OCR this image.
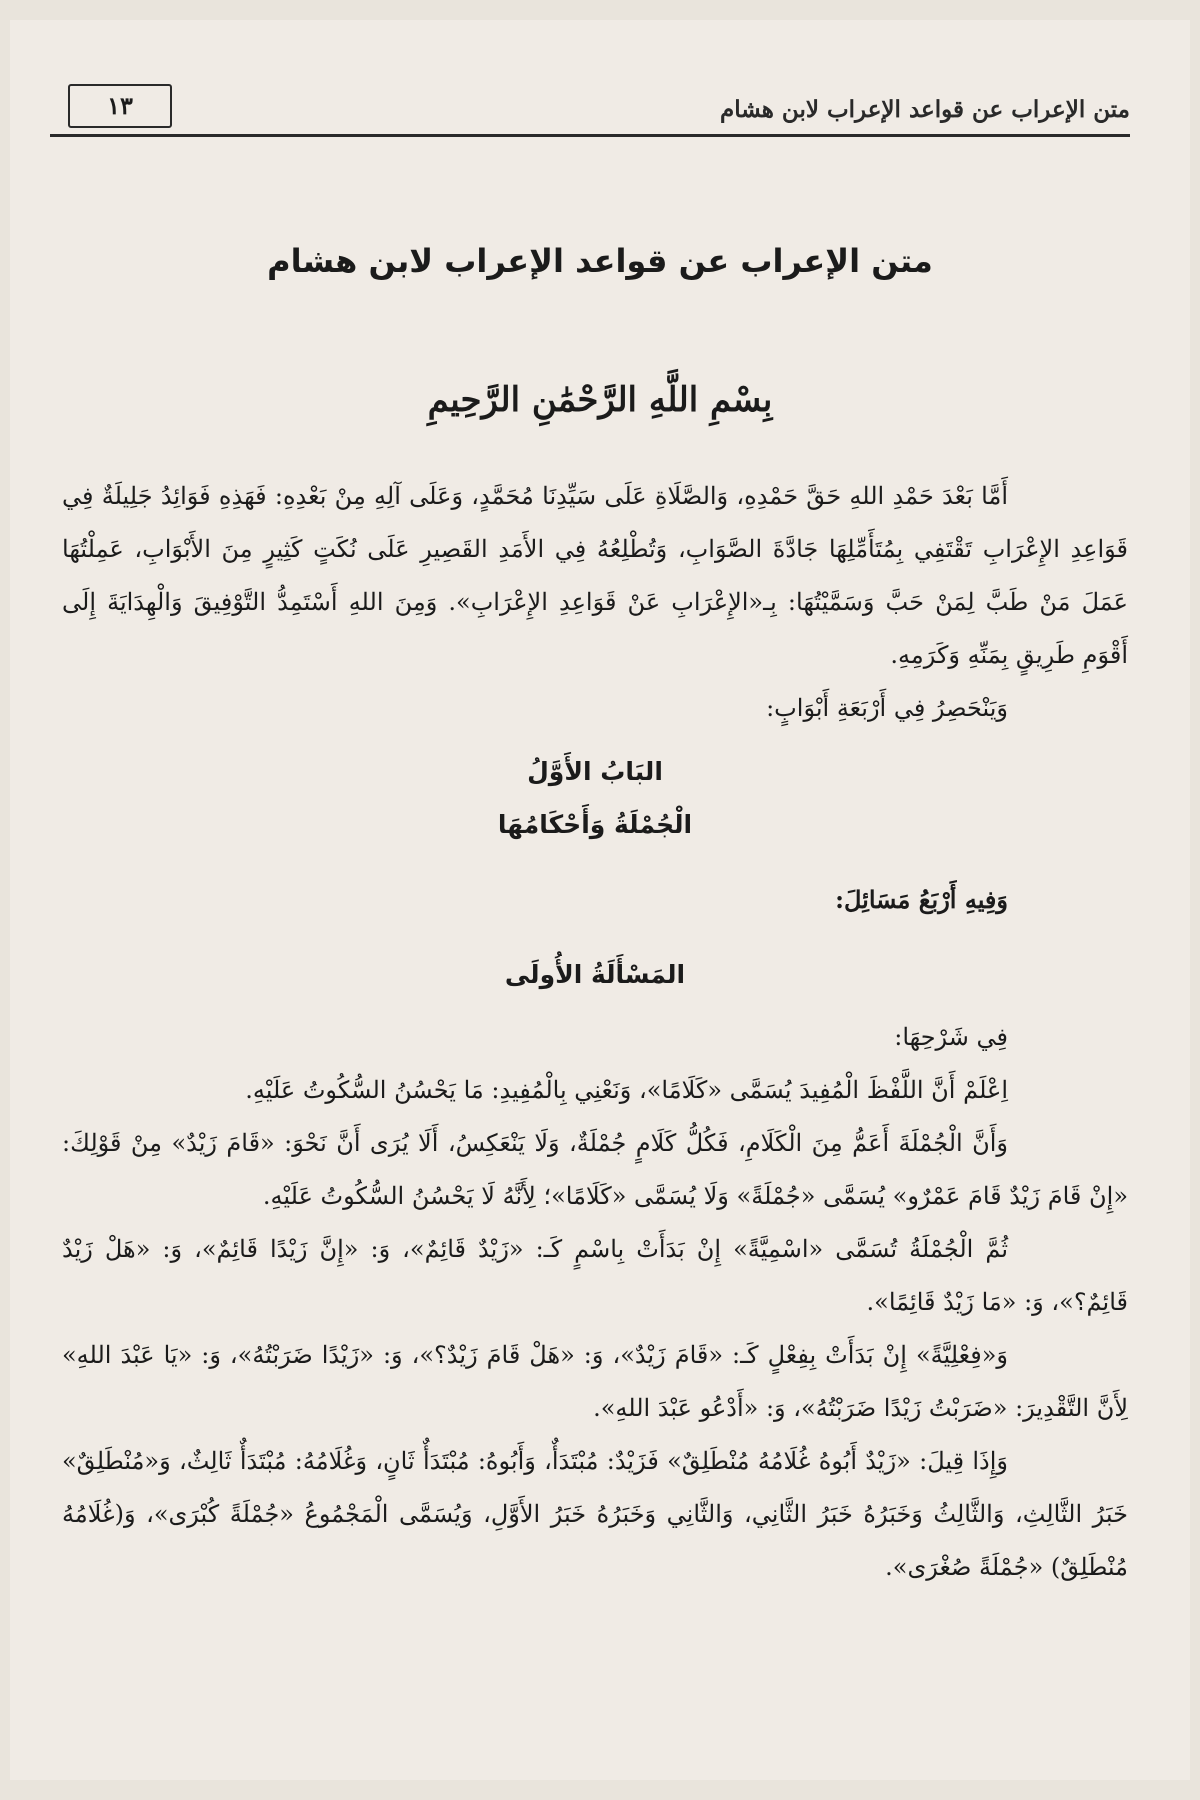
متن الإعراب عن قواعد الإعراب لابن هشام
١٣
متن الإعراب عن قواعد الإعراب لابن هشام
بِسْمِ اللَّهِ الرَّحْمَٰنِ الرَّحِيمِ

أَمَّا بَعْدَ حَمْدِ اللهِ حَقَّ حَمْدِهِ، وَالصَّلَاةِ عَلَى سَيِّدِنَا مُحَمَّدٍ، وَعَلَى آلِهِ مِنْ بَعْدِهِ: فَهَذِهِ فَوَائِدُ جَلِيلَةٌ فِي قَوَاعِدِ الإِعْرَابِ تَقْتَفِي بِمُتَأَمِّلِهَا جَادَّةَ الصَّوَابِ، وَتُطْلِعُهُ فِي الأَمَدِ القَصِيرِ عَلَى نُكَتٍ كَثِيرٍ مِنَ الأَبْوَابِ، عَمِلْتُهَا عَمَلَ مَنْ طَبَّ لِمَنْ حَبَّ وَسَمَّيْتُهَا: بِـ«الإِعْرَابِ عَنْ قَوَاعِدِ الإِعْرَابِ». وَمِنَ اللهِ أَسْتَمِدُّ التَّوْفِيقَ وَالْهِدَايَةَ إِلَى أَقْوَمِ طَرِيقٍ بِمَنِّهِ وَكَرَمِهِ.

وَيَنْحَصِرُ فِي أَرْبَعَةِ أَبْوَابٍ:

البَابُ الأَوَّلُ

الْجُمْلَةُ وَأَحْكَامُهَا

وَفِيهِ أَرْبَعُ مَسَائِلَ:

المَسْأَلَةُ الأُولَى

فِي شَرْحِهَا:

اِعْلَمْ أَنَّ اللَّفْظَ الْمُفِيدَ يُسَمَّى «كَلَامًا»، وَنَعْنِي بِالْمُفِيدِ: مَا يَحْسُنُ السُّكُوتُ عَلَيْهِ.

وَأَنَّ الْجُمْلَةَ أَعَمُّ مِنَ الْكَلَامِ، فَكُلُّ كَلَامٍ جُمْلَةٌ، وَلَا يَنْعَكِسُ، أَلَا يُرَى أَنَّ نَحْوَ: «قَامَ زَيْدٌ» مِنْ قَوْلِكَ: «إِنْ قَامَ زَيْدٌ قَامَ عَمْرٌو» يُسَمَّى «جُمْلَةً» وَلَا يُسَمَّى «كَلَامًا»؛ لِأَنَّهُ لَا يَحْسُنُ السُّكُوتُ عَلَيْهِ.

ثُمَّ الْجُمْلَةُ تُسَمَّى «اسْمِيَّةً» إِنْ بَدَأَتْ بِاسْمٍ كَـ: «زَيْدٌ قَائِمٌ»، وَ: «إِنَّ زَيْدًا قَائِمٌ»، وَ: «هَلْ زَيْدٌ قَائِمٌ؟»، وَ: «مَا زَيْدٌ قَائِمًا».

وَ«فِعْلِيَّةً» إِنْ بَدَأَتْ بِفِعْلٍ كَـ: «قَامَ زَيْدٌ»، وَ: «هَلْ قَامَ زَيْدٌ؟»، وَ: «زَيْدًا ضَرَبْتُهُ»، وَ: «يَا عَبْدَ اللهِ» لِأَنَّ التَّقْدِيرَ: «ضَرَبْتُ زَيْدًا ضَرَبْتُهُ»، وَ: «أَدْعُو عَبْدَ اللهِ».

وَإِذَا قِيلَ: «زَيْدٌ أَبُوهُ غُلَامُهُ مُنْطَلِقٌ» فَزَيْدٌ: مُبْتَدَأٌ، وَأَبُوهُ: مُبْتَدَأٌ ثَانٍ، وَغُلَامُهُ: مُبْتَدَأٌ ثَالِثٌ، وَ«مُنْطَلِقٌ» خَبَرُ الثَّالِثِ، وَالثَّالِثُ وَخَبَرُهُ خَبَرُ الثَّانِي، وَالثَّانِي وَخَبَرُهُ خَبَرُ الأَوَّلِ، وَيُسَمَّى الْمَجْمُوعُ «جُمْلَةً كُبْرَى»، وَ(غُلَامُهُ مُنْطَلِقٌ) «جُمْلَةً صُغْرَى».
